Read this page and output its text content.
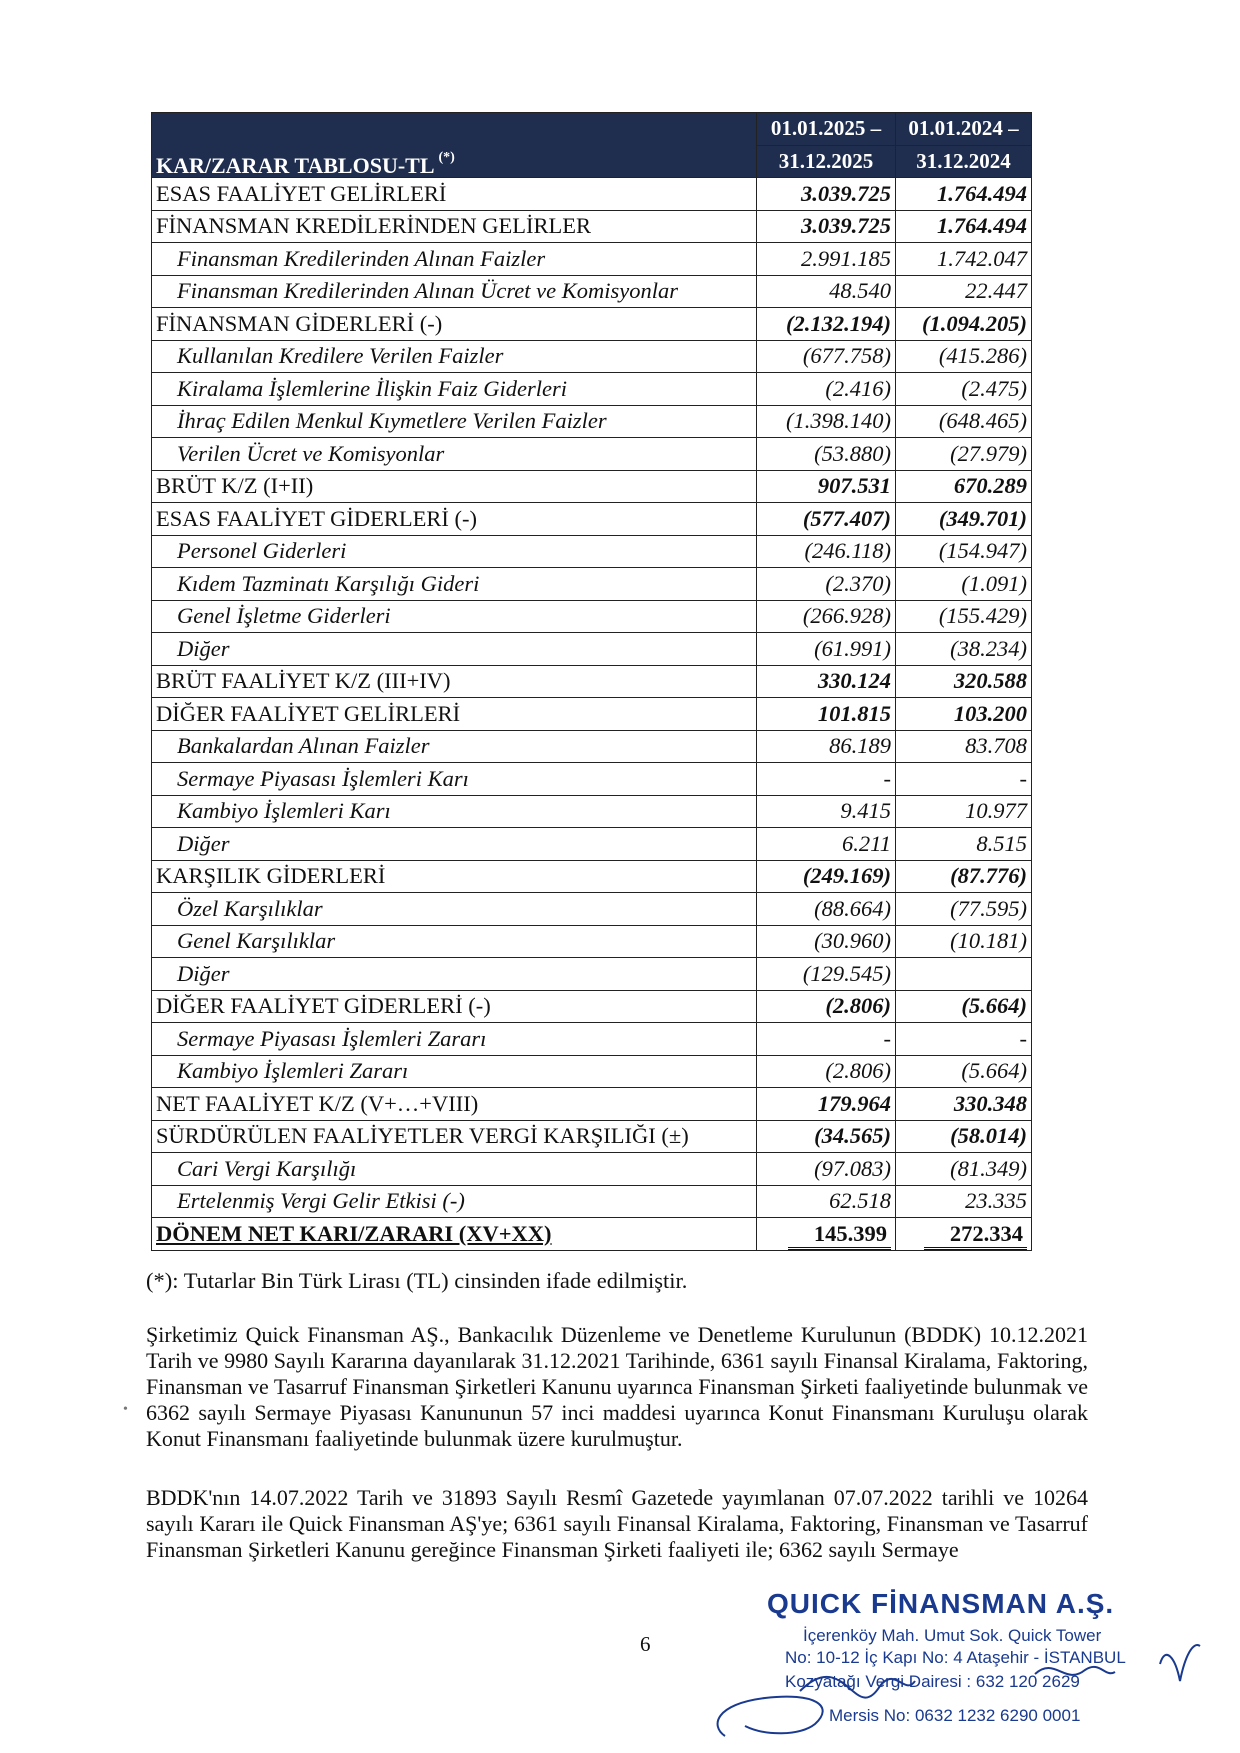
KAR/ZARAR TABLOSU-TL (*)	01.01.2025 –	01.01.2024 –
	31.12.2025	31.12.2024
ESAS FAALİYET GELİRLERİ	3.039.725	1.764.494
FİNANSMAN KREDİLERİNDEN GELİRLER	3.039.725	1.764.494
Finansman Kredilerinden Alınan Faizler	2.991.185	1.742.047
Finansman Kredilerinden Alınan Ücret ve Komisyonlar	48.540	22.447
FİNANSMAN GİDERLERİ (-)	(2.132.194)	(1.094.205)
Kullanılan Kredilere Verilen Faizler	(677.758)	(415.286)
Kiralama İşlemlerine İlişkin Faiz Giderleri	(2.416)	(2.475)
İhraç Edilen Menkul Kıymetlere Verilen Faizler	(1.398.140)	(648.465)
Verilen Ücret ve Komisyonlar	(53.880)	(27.979)
BRÜT K/Z (I+II)	907.531	670.289
ESAS FAALİYET GİDERLERİ (-)	(577.407)	(349.701)
Personel Giderleri	(246.118)	(154.947)
Kıdem Tazminatı Karşılığı Gideri	(2.370)	(1.091)
Genel İşletme Giderleri	(266.928)	(155.429)
Diğer	(61.991)	(38.234)
BRÜT FAALİYET K/Z (III+IV)	330.124	320.588
DİĞER FAALİYET GELİRLERİ	101.815	103.200
Bankalardan Alınan Faizler	86.189	83.708
Sermaye Piyasası İşlemleri Karı	-	-
Kambiyo İşlemleri Karı	9.415	10.977
Diğer	6.211	8.515
KARŞILIK GİDERLERİ	(249.169)	(87.776)
Özel Karşılıklar	(88.664)	(77.595)
Genel Karşılıklar	(30.960)	(10.181)
Diğer	(129.545)	
DİĞER FAALİYET GİDERLERİ (-)	(2.806)	(5.664)
Sermaye Piyasası İşlemleri Zararı	-	-
Kambiyo İşlemleri Zararı	(2.806)	(5.664)
NET FAALİYET K/Z (V+…+VIII)	179.964	330.348
SÜRDÜRÜLEN FAALİYETLER VERGİ KARŞILIĞI (±)	(34.565)	(58.014)
Cari Vergi Karşılığı	(97.083)	(81.349)
Ertelenmiş Vergi Gelir Etkisi (-)	62.518	23.335
DÖNEM NET KARI/ZARARI (XV+XX)	145.399	272.334
(*): Tutarlar Bin Türk Lirası (TL) cinsinden ifade edilmiştir.
•

Şirketimiz Quick Finansman AŞ., Bankacılık Düzenleme ve Denetleme Kurulunun (BDDK) 10.12.2021 Tarih ve 9980 Sayılı Kararına dayanılarak 31.12.2021 Tarihinde, 6361 sayılı Finansal Kiralama, Faktoring, Finansman ve Tasarruf Finansman Şirketleri Kanunu uyarınca Finansman Şirketi faaliyetinde bulunmak ve 6362 sayılı Sermaye Piyasası Kanununun 57 inci maddesi uyarınca Konut Finansmanı Kuruluşu olarak Konut Finansmanı faaliyetinde bulunmak üzere kurulmuştur.

BDDK'nın 14.07.2022 Tarih ve 31893 Sayılı Resmî Gazetede yayımlanan 07.07.2022 tarihli ve 10264 sayılı Kararı ile Quick Finansman AŞ'ye; 6361 sayılı Finansal Kiralama, Faktoring, Finansman ve Tasarruf Finansman Şirketleri Kanunu gereğince Finansman Şirketi faaliyeti ile; 6362 sayılı Sermaye

6
QUICK FİNANSMAN A.Ş.
İçerenköy Mah. Umut Sok. Quick Tower
No: 10-12 İç Kapı No: 4 Ataşehir - İSTANBUL
Kozyatağı Vergi Dairesi : 632 120 2629
Mersis No: 0632 1232 6290 0001
